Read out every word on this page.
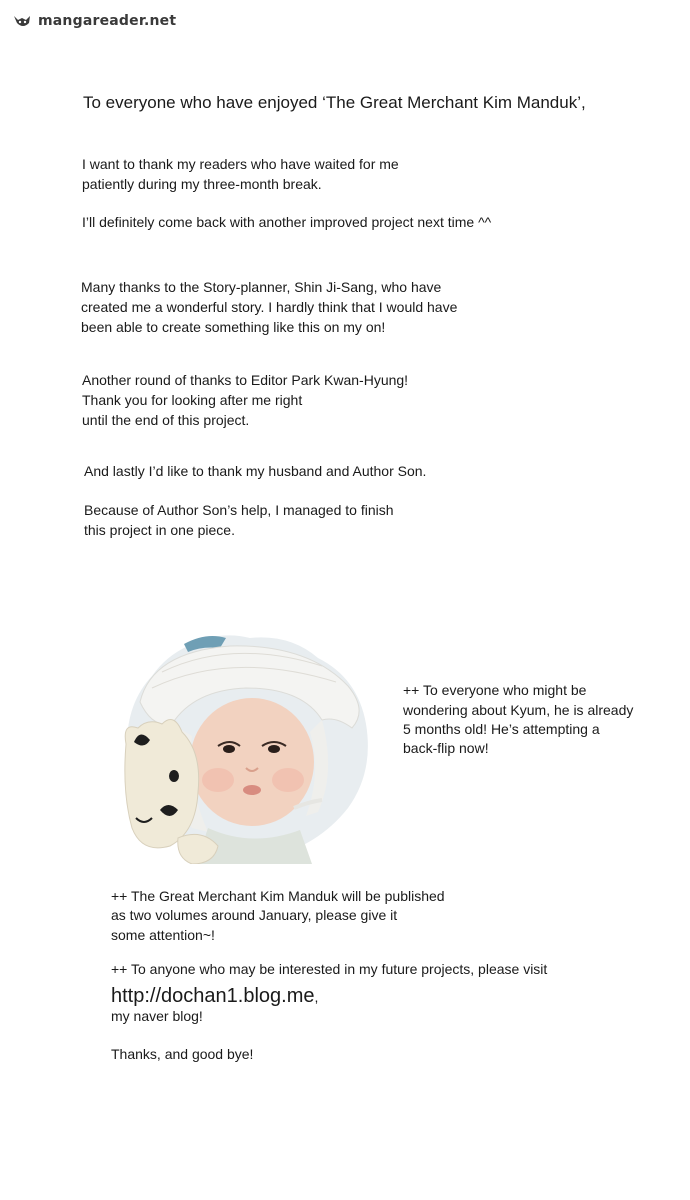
mangareader.net

To everyone who have enjoyed ‘The Great Merchant Kim Manduk’,

I want to thank my readers who have waited for me

patiently during my three-month break.

I’ll definitely come back with another improved project next time ^^

Many thanks to the Story-planner, Shin Ji-Sang, who have

created me a wonderful story. I hardly think that I would have

been able to create something like this on my on!

Another round of thanks to Editor Park Kwan-Hyung!

Thank you for looking after me right

until the end of this project.

And lastly I’d like to thank my husband and Author Son.

Because of Author Son’s help, I managed to finish

this project in one piece.

++ To everyone who might be

wondering about Kyum, he is already

5 months old! He’s attempting a

back-flip now!

++ The Great Merchant Kim Manduk will be published

as two volumes around January, please give it

some attention~!

++ To anyone who may be interested in my future projects, please visit

http://dochan1.blog.me,

my naver blog!

Thanks, and good bye!
